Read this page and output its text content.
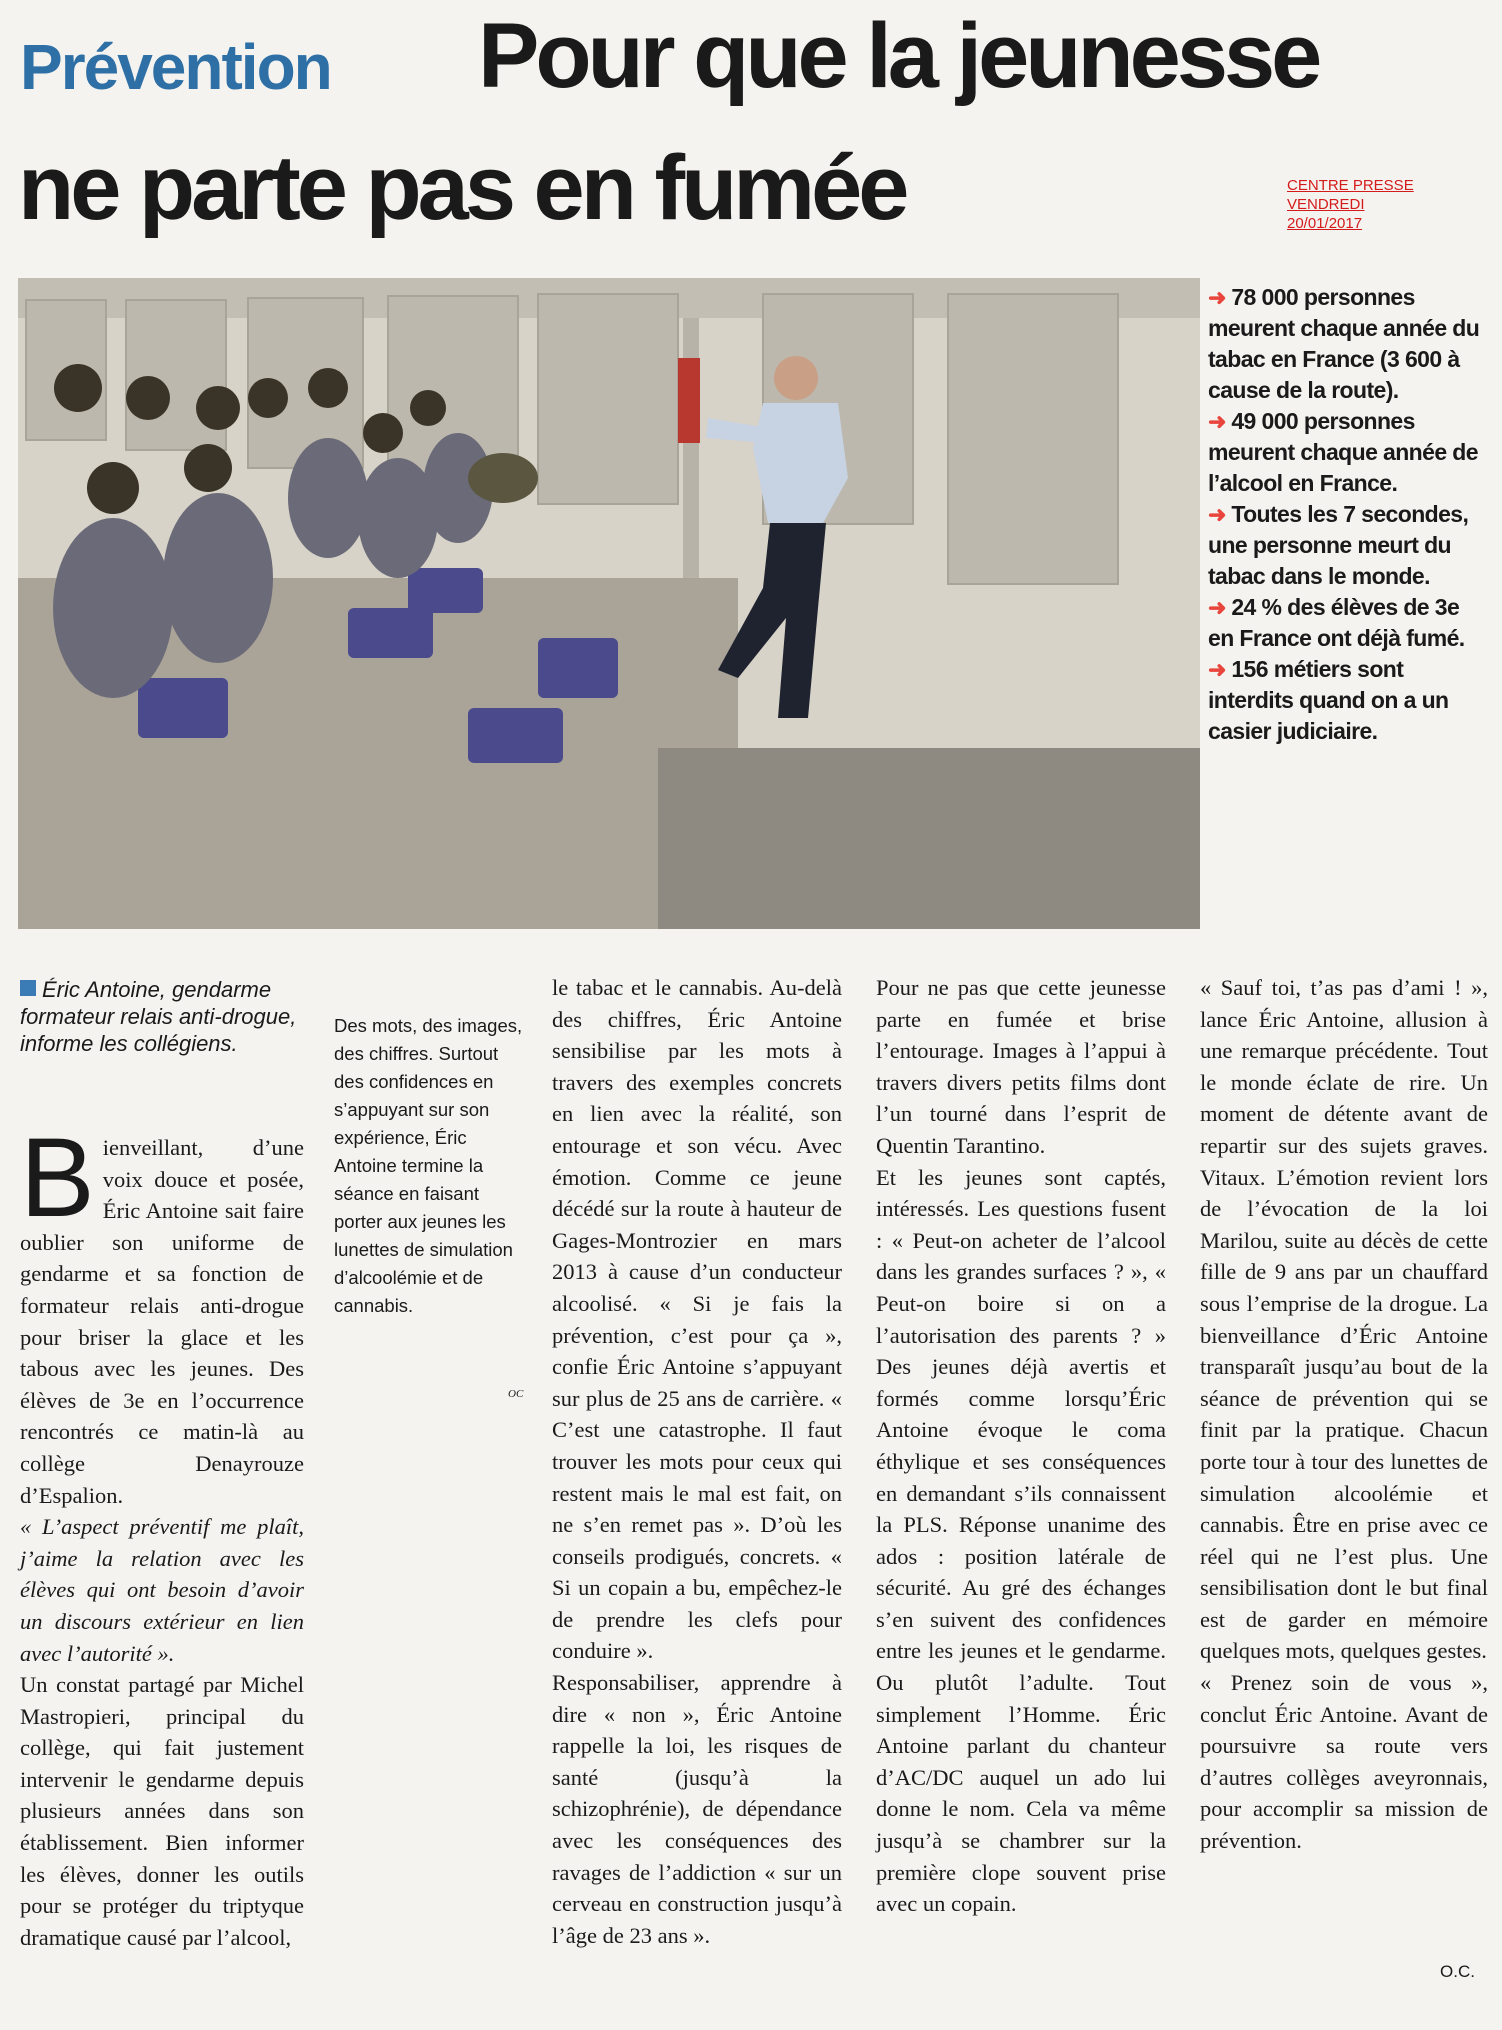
Prévention Pour que la jeunesse
ne parte pas en fumée	CENTRE PRESSE
VENDREDI
20/01/2017

➜ 78 000 personnes meurent chaque année du tabac en France (3 600 à cause de la route).

➜ 49 000 personnes meurent chaque année de l’alcool en France.

➜ Toutes les 7 secondes, une personne meurt du tabac dans le monde.

➜ 24 % des élèves de 3e en France ont déjà fumé.

➜ 156 métiers sont interdits quand on a un casier judiciaire.

Éric Antoine, gendarme formateur relais anti-drogue, informe les collégiens.
B ienveillant, d’une voix douce et posée, Éric Antoine sait faire oublier son uniforme de gendarme et sa fonction de formateur relais anti-drogue pour briser la glace et les tabous avec les jeunes. Des élèves de 3e en l’occurrence rencontrés ce matin-là au collège Denayrouze d’Espalion.

« L’aspect préventif me plaît, j’aime la relation avec les élèves qui ont besoin d’avoir un discours extérieur en lien avec l’autorité ».

Un constat partagé par Michel Mastropieri, principal du collège, qui fait justement intervenir le gendarme depuis plusieurs années dans son établissement. Bien informer les élèves, donner les outils pour se protéger du triptyque dramatique causé par l’alcool,

Des mots, des images, des chiffres. Surtout des confidences en s’appuyant sur son expérience, Éric Antoine termine la séance en faisant porter aux jeunes les lunettes de simulation d’alcoolémie et de cannabis.
OC

le tabac et le cannabis. Au-delà des chiffres, Éric Antoine sensibilise par les mots à travers des exemples concrets en lien avec la réalité, son entourage et son vécu. Avec émotion. Comme ce jeune décédé sur la route à hauteur de Gages-Montrozier en mars 2013 à cause d’un conducteur alcoolisé. « Si je fais la prévention, c’est pour ça », confie Éric Antoine s’appuyant sur plus de 25 ans de carrière. « C’est une catastrophe. Il faut trouver les mots pour ceux qui restent mais le mal est fait, on ne s’en remet pas ». D’où les conseils prodigués, concrets. « Si un copain a bu, empêchez-le de prendre les clefs pour conduire ».

Responsabiliser, apprendre à dire « non », Éric Antoine rappelle la loi, les risques de santé (jusqu’à la schizophrénie), de dépendance avec les conséquences des ravages de l’addiction « sur un cerveau en construction jusqu’à l’âge de 23 ans ».

Pour ne pas que cette jeunesse parte en fumée et brise l’entourage. Images à l’appui à travers divers petits films dont l’un tourné dans l’esprit de Quentin Tarantino.

Et les jeunes sont captés, intéressés. Les questions fusent : « Peut-on acheter de l’alcool dans les grandes surfaces ? », « Peut-on boire si on a l’autorisation des parents ? » Des jeunes déjà avertis et formés comme lorsqu’Éric Antoine évoque le coma éthylique et ses conséquences en demandant s’ils connaissent la PLS. Réponse unanime des ados : position latérale de sécurité. Au gré des échanges s’en suivent des confidences entre les jeunes et le gendarme. Ou plutôt l’adulte. Tout simplement l’Homme. Éric Antoine parlant du chanteur d’AC/DC auquel un ado lui donne le nom. Cela va même jusqu’à se chambrer sur la première clope souvent prise avec un copain.

« Sauf toi, t’as pas d’ami ! », lance Éric Antoine, allusion à une remarque précédente. Tout le monde éclate de rire. Un moment de détente avant de repartir sur des sujets graves. Vitaux. L’émotion revient lors de l’évocation de la loi Marilou, suite au décès de cette fille de 9 ans par un chauffard sous l’emprise de la drogue. La bienveillance d’Éric Antoine transparaît jusqu’au bout de la séance de prévention qui se finit par la pratique. Chacun porte tour à tour des lunettes de simulation alcoolémie et cannabis. Être en prise avec ce réel qui ne l’est plus. Une sensibilisation dont le but final est de garder en mémoire quelques mots, quelques gestes.

« Prenez soin de vous », conclut Éric Antoine. Avant de poursuivre sa route vers d’autres collèges aveyronnais, pour accomplir sa mission de prévention.

O.C.
